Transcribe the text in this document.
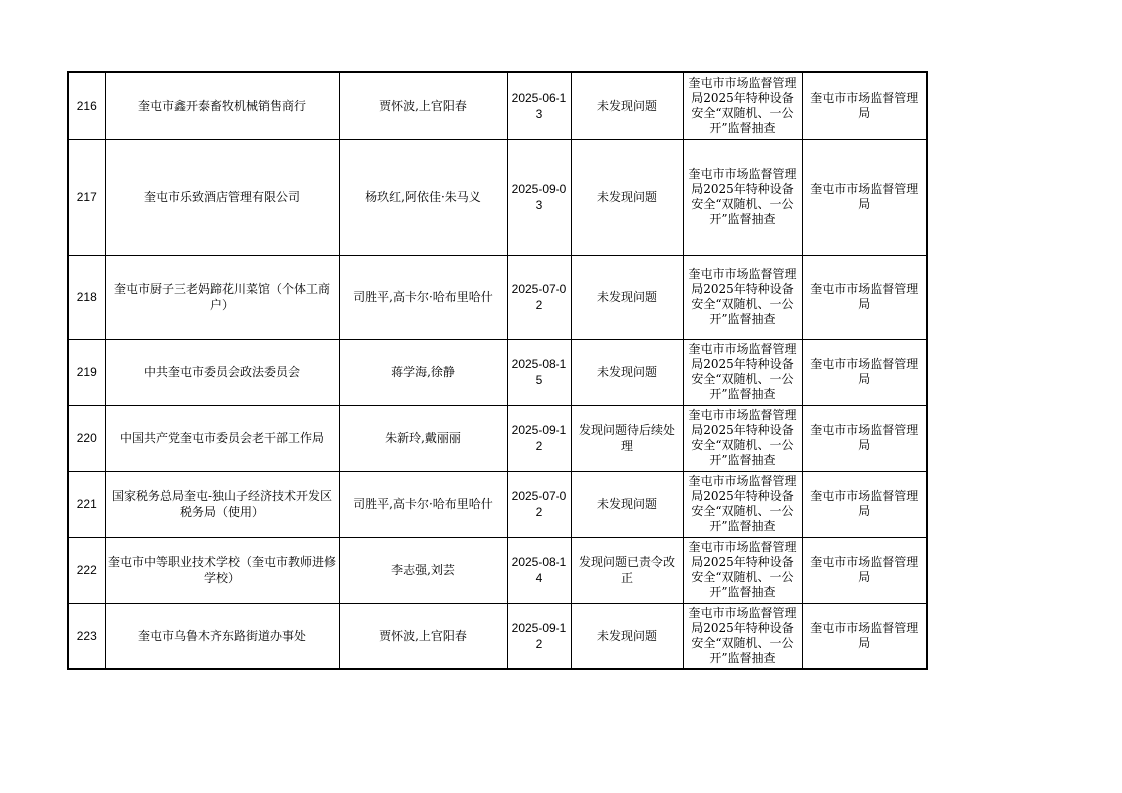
216	奎屯市鑫开泰畜牧机械销售商行	贾怀波,上官阳春	2025-06-13	未发现问题	奎屯市市场监督管理局2025年特种设备安全“双随机、一公开”监督抽查	奎屯市市场监督管理局
217	奎屯市乐致酒店管理有限公司	杨玖红,阿依佳·朱马义	2025-09-03	未发现问题	奎屯市市场监督管理局2025年特种设备安全“双随机、一公开”监督抽查	奎屯市市场监督管理局
218	奎屯市厨子三老妈蹄花川菜馆（个体工商户）	司胜平,高卡尔·哈布里哈什	2025-07-02	未发现问题	奎屯市市场监督管理局2025年特种设备安全“双随机、一公开”监督抽查	奎屯市市场监督管理局
219	中共奎屯市委员会政法委员会	蒋学海,徐静	2025-08-15	未发现问题	奎屯市市场监督管理局2025年特种设备安全“双随机、一公开”监督抽查	奎屯市市场监督管理局
220	中国共产党奎屯市委员会老干部工作局	朱新玲,戴丽丽	2025-09-12	发现问题待后续处理	奎屯市市场监督管理局2025年特种设备安全“双随机、一公开”监督抽查	奎屯市市场监督管理局
221	国家税务总局奎屯-独山子经济技术开发区税务局（使用）	司胜平,高卡尔·哈布里哈什	2025-07-02	未发现问题	奎屯市市场监督管理局2025年特种设备安全“双随机、一公开”监督抽查	奎屯市市场监督管理局
222	奎屯市中等职业技术学校（奎屯市教师进修学校）	李志强,刘芸	2025-08-14	发现问题已责令改正	奎屯市市场监督管理局2025年特种设备安全“双随机、一公开”监督抽查	奎屯市市场监督管理局
223	奎屯市乌鲁木齐东路街道办事处	贾怀波,上官阳春	2025-09-12	未发现问题	奎屯市市场监督管理局2025年特种设备安全“双随机、一公开”监督抽查	奎屯市市场监督管理局
